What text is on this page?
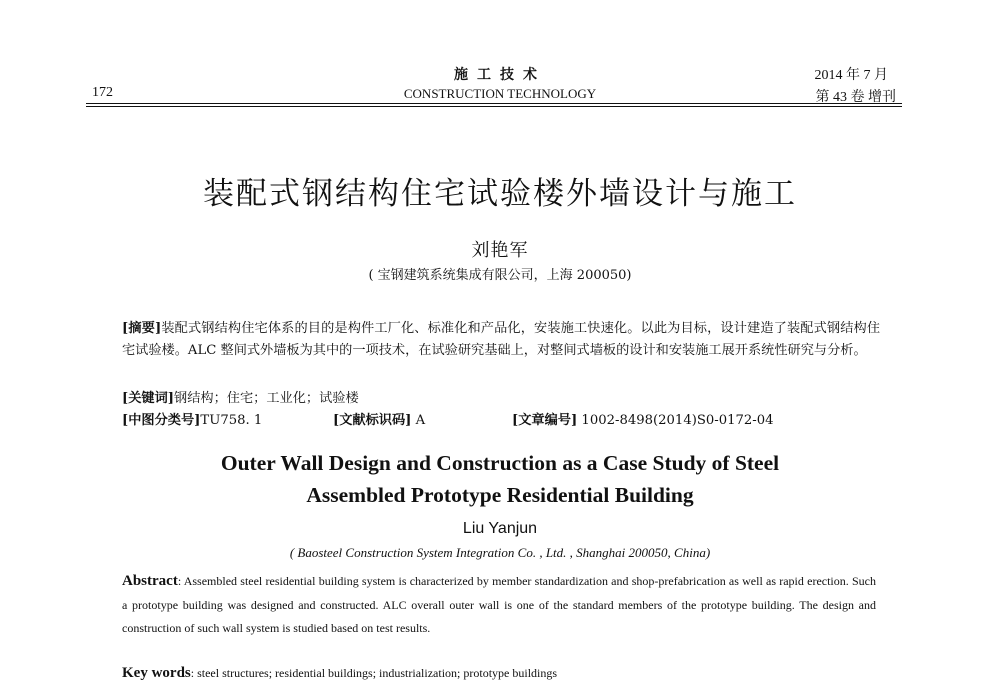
172
施工技术
CONSTRUCTION TECHNOLOGY
2014 年 7 月
第 43 卷 增刊
装配式钢结构住宅试验楼外墙设计与施工
刘艳军
( 宝钢建筑系统集成有限公司，上海 200050)
[摘要]装配式钢结构住宅体系的目的是构件工厂化、标准化和产品化，安装施工快速化。以此为目标，设计建造了装配式钢结构住宅试验楼。ALC 整间式外墙板为其中的一项技术，在试验研究基础上，对整间式墙板的设计和安装施工展开系统性研究与分析。
[关键词]钢结构；住宅；工业化；试验楼
[中图分类号]TU758. 1	[文献标识码] A	[文章编号] 1002-8498(2014)S0-0172-04
Outer Wall Design and Construction as a Case Study of Steel Assembled Prototype Residential Building
Liu Yanjun
( Baosteel Construction System Integration Co. , Ltd. , Shanghai 200050, China)
Abstract: Assembled steel residential building system is characterized by member standardization and shop-prefabrication as well as rapid erection. Such a prototype building was designed and constructed. ALC overall outer wall is one of the standard members of the prototype building. The design and construction of such wall system is studied based on test results.
Key words: steel structures; residential buildings; industrialization; prototype buildings
